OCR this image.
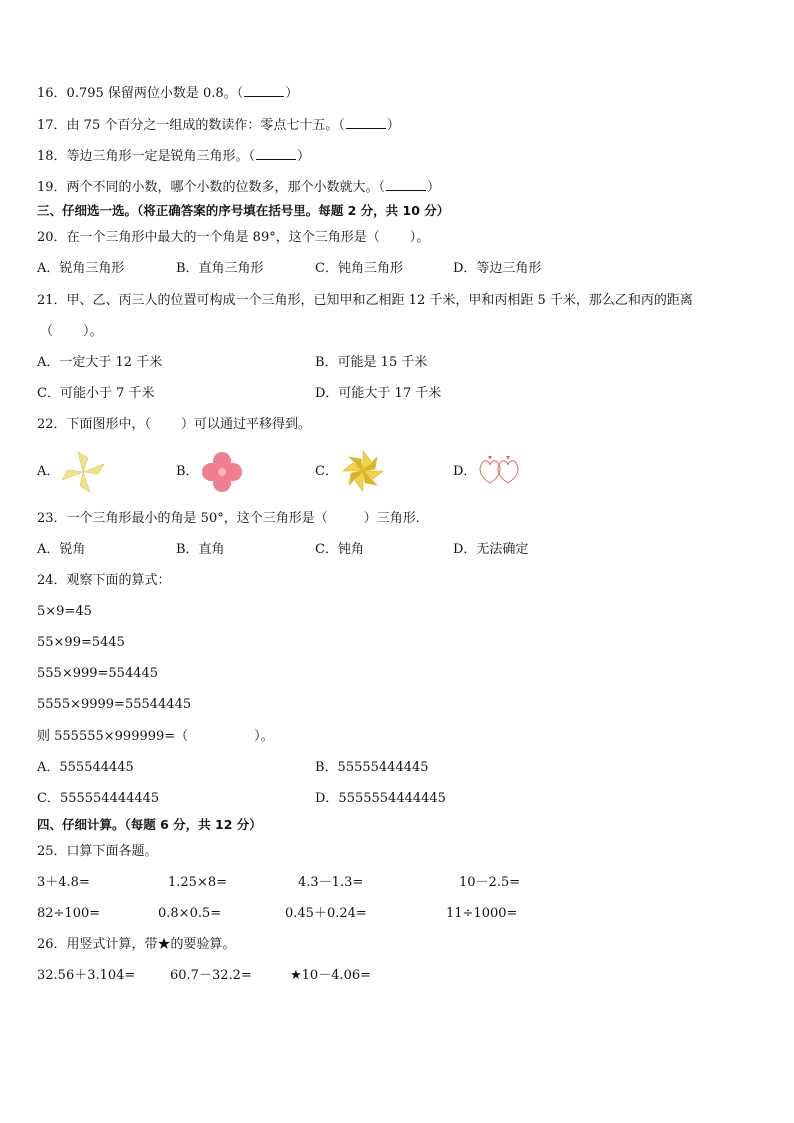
16．0.795 保留两位小数是 0.8。（	）
17．由 75 个百分之一组成的数读作：零点七十五。（	）
18．等边三角形一定是锐角三角形。（	）
19．两个不同的小数，哪个小数的位数多，那个小数就大。（	）
三、仔细选一选。（将正确答案的序号填在括号里。每题 2 分，共 10 分）
20．在一个三角形中最大的一个角是 89°，这个三角形是（ ）。
A．锐角三角形	B．直角三角形	C．钝角三角形	D．等边三角形
21．甲、乙、丙三人的位置可构成一个三角形，已知甲和乙相距 12 千米，甲和丙相距 5 千米，那么乙和丙的距离
（ ）。
A．一定大于 12 千米	B．可能是 15 千米
C．可能小于 7 千米	D．可能大于 17 千米
22．下面图形中，（ ）可以通过平移得到。
A．	B．	C．	D．
23．一个三角形最小的角是 50°，这个三角形是（	）三角形．
A．锐角	B．直角	C．钝角	D．无法确定
24．观察下面的算式：
5×9=45
55×99=5445
555×999=554445
5555×9999=55544445
则 555555×999999=（	）。
A．555544445	B．55555444445
C．555554444445	D．5555554444445
四、仔细计算。（每题 6 分，共 12 分）
25．口算下面各题。
3＋4.8=	1.25×8=	4.3－1.3=	10－2.5=
82÷100=	0.8×0.5=	0.45＋0.24=	11÷1000=
26．用竖式计算，带★的要验算。
32.56＋3.104=	60.7－32.2=	★10－4.06=
